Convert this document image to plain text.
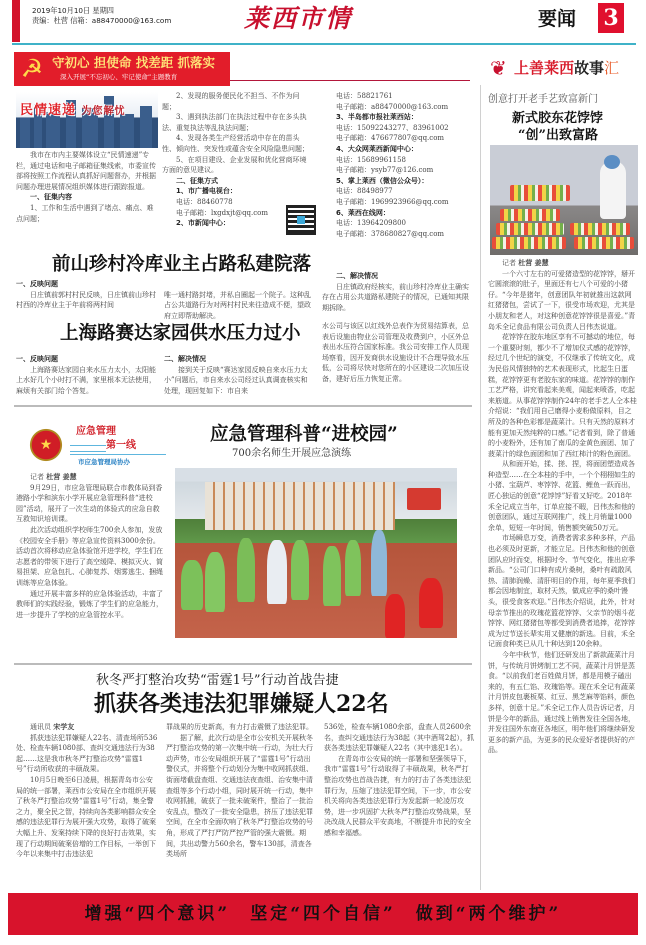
2019年10月10日 星期四
责编：杜营 信箱：a88470000@163.com	莱西市情	要闻 3
☭ 守初心 担使命 找差距 抓落实
深入开展“不忘初心、牢记使命”主题教育	❦ 上善莱西故事汇
民情速递 为您解忧

我市在市内主要媒体设立“民情速递”专栏，通过电话和电子邮箱征集线索，市委宣传部将按照工作流程认真抓好问题督办，并根据问题办理进展情况组织媒体进行跟踪报道。

一、征集内容

1、工作和生活中遇到了堵点、痛点、难点问题；

2、发现的服务便民化不担当、不作为问题；

3、遇到执法部门在执法过程中存在多头执法、重复执法等乱执法问题；

4、发现各类生产经营活动中存在的苗头性、倾向性、突发性或蕴含安全风险隐患问题；

5、在项目建设、企业发展和优化营商环境方面的意见建议。

二、征集方式
1、市广播电视台：
电话：88460778
电子邮箱：lxgdxjt@qq.com
2、市新闻中心：
电话：58821761
电子邮箱：a88470000@163.com
3、半岛都市报社莱西站：
电话：15092243277、83961002
电子邮箱：476677807@qq.com
4、大众网莱西新闻中心：
电话：15689961158
电子邮箱：ysyb77@126.com
5、掌上莱西（微信公众号）：
电话：88498977
电子邮箱：1969923966@qq.com
6、莱西在线网：
电话：13964209800
电子邮箱：378680827@qq.com
前山珍村冷库业主占路私建院落
一、反映问题

日庄镇前郭村村民反映，日庄镇前山珍村村西的冷库业主于年前将两村间

唯一通村路封堵，并私自圈起一个院子。这种乱占公共道路行为对两村村民来往造成不便，望政府立即帮助解决。

二、解决情况

日庄镇政府经核实，前山珍村冷库业主确实存在占用公共道路私建院子的情况，已通知其限期拆除。

上海路赛达家园供水压力过小
一、反映问题

上海路赛达家园自来水压力太小，太阳能上水好几个小时打不满，家里根本无法使用，麻烦有关部门给个答复。

二、解决情况

接到关于反映“赛达家园反映自来水压力太小”问题后，市自来水公司经过认真调查核实和处理，现回复如下：市自来

水公司与该区以红线外总表作为贸易结算表，总表后设施由物业公司管理及收费到户，小区外总表出水压符合国家标准。我公司安排工作人员现场察看，因开发商供水设施设计不合理导致水压低，公司将尽快对您所在的小区建设二次加压设备，建好后压力恢复正常。

★
应急管理
第一线
市应急管理局协办
应急管理科普“进校园”
700余名师生开展应急演练
记者 杜营 姜慧

9月29日，市应急管理局联合市教体局到香港路小学和滨东小学开展应急管理科普“进校园”活动，展开了一次生动的体验式的应急自救互救知识培训课。

此次活动组织学校师生700余人参加，发放《校园安全手册》等应急宣传资料3000余份。活动首次将移动应急体验馆开进学校，学生们在志愿者的带领下进行了高空缓降、模拟灭火、简易担架、应急包扎、心肺复苏、烟雾逃生、捆绳训练等应急体验。

通过开展丰富多样的应急体验活动，丰富了教师们的实践经验，锻炼了学生们的应急能力，进一步提升了学校的应急管控水平。

秋冬严打整治攻势“雷霆1号”行动首战告捷
抓获各类违法犯罪嫌疑人22名
通讯员 宋学友

抓获违法犯罪嫌疑人22名、清查场所536处、检查车辆1080部、查纠交通违法行为38起……这是我市秋冬严打整治攻势“雷霆1号”行动所收获的丰硕战果。

10月5日晚至6日凌晨，根据青岛市公安局的统一部署，莱西市公安局在全市组织开展了秋冬严打整治攻势“雷霆1号”行动，集全警之力，聚全民之智，持续向各类影响群众安全感的违法犯罪行为展开强大攻势，取得了破案大幅上升、发案持续下降的良好打击效果，实现了行动期间破案倍增的工作目标，一举创下今年以来集中打击违法犯

罪战果的历史新高，有力打击震慑了违法犯罪。

据了解，此次行动是全市公安机关开展秋冬严打整治攻势的第一次集中统一行动，为壮大行动声势，市公安局组织开展了“雷霆1号”行动出警仪式，并将整个行动划分为集中收网抓获组、街面堵截盘查组、交通违法夜查组、治安集中清查组等多个行动小组，同时展开统一行动，集中收网抓捕，破获了一批未破案件，整治了一批治安乱点，整改了一批安全隐患，挤压了违法犯罪空间，在全市全面吹响了秋冬严打整治攻势的号角，形成了严打严防严控严管的强大震慑。期间，共出动警力560余名，警车130部，清查各类场所

536处，检查车辆1080余部，盘查人员2600余名，查纠交通违法行为38起（其中酒驾2起），抓获各类违法犯罪嫌疑人22名（其中逃犯1名）。

在青岛市公安局的统一部署和坚强领导下，我市“雷霆1号”行动取得了丰硕战果，秋冬严打整治攻势也首战告捷，有力的打击了各类违法犯罪行为，压缩了违法犯罪空间，下一步，市公安机关将向各类违法犯罪行为发起新一轮凌厉攻势，进一步巩固扩大秋冬严打整治攻势战果，坚决改战人民群众平安高地，不断提升市民的安全感和幸福感。

创意打开老手艺致富新门
新式胶东花饽饽
“创”出致富路
记者 杜营 姜慧

一个六寸左右的可爱猪造型的花饽饽，掰开它圆滚滚的肚子，里面还有七八个可爱的小猪仔。“今年是猪年，创意团队年初就推出这款网红猪猪包，尝试了一下，很受市场欢迎，尤其是小朋友和老人，对这种创意花饽饽很是喜爱。”青岛禾全记食品有限公司负责人吕伟杰说道。

花饽饽在胶东地区享有不可撼动的地位，每一个重要时刻，都少不了增加仪式感的花饽饽，经过几个世纪的演变，不仅继承了传统文化，成为民俗风情独特的艺术表现形式，比起生日蛋糕，花饽饽更有老胶东家的味道。花饽饽的制作工艺严格，讲究看起来美观，闻起来喷香，吃起来筋道。从事花饽饽制作24年的老手艺人仝本桂介绍说：“我们用自己磨得小麦粉做原料，目之所及的各种色彩都是蔬菜汁。只有天然的原料才能有更加天然纯粹的口感。”记者看到，除了普通的小麦粉外，还有加了南瓜的金黄色面团、加了菠菜汁的绿色面团和加了西红柿汁的粉色面团。

从和面开始，揉、搓、捏，将面团塑造成各种造型……在仝本桂的手中，一个个栩栩如生的小猪、宝葫芦、枣饽饽、花篮、鲤鱼一跃而出，匠心独运的创意“花饽饽”好看又好吃。2018年禾全记成立当年，订单应接不暇，吕伟杰和他的创意团队，通过互联网推广，线上月销量1000余单，短短一年时间，销售额突破50万元。

市场瞬息万变，消费者需求多种多样，产品也必须及时更新，才能立足。吕伟杰和他的创意团队应时而变，根据时令、节气变化，推出应季新品。“公司门口种有成片桑树，桑叶有疏散风热、清肺润燥、清肝明目的作用，每年夏季我们都会因地制宜，取材天然，做成应季的桑叶馒头，很受食客欢迎。”吕伟杰介绍说，此外，针对母亲节推出的玫瑰花篮花饽饽、父亲节的烟斗花饽饽、网红猪猪包等都受到消费者追捧，花饽饽成为过节送长辈实用又健康的新选。目前，禾全记面食种类已从几十种达到120余种。

今年中秋节，他们还研发出了新款蔬菜汁月饼，与传统月饼烤制工艺不同，蔬菜汁月饼是蒸食。“以前我们老百姓做月饼，都是用模子磕出来的，有五仁馅、玫瑰馅等。现在禾全记有蔬菜汁月饼皮包裹板栗、红豆、黑芝麻等馅料，颜色多样，创意十足。”禾全记工作人员告诉记者，月饼是今年的新品，通过线上销售发往全国各地，并发往国外东南亚各地区，明年他们将继续研发更多的新产品，为更多的民众爱好者提供好的产品。

增强“四个意识”　坚定“四个自信”　做到“两个维护”
